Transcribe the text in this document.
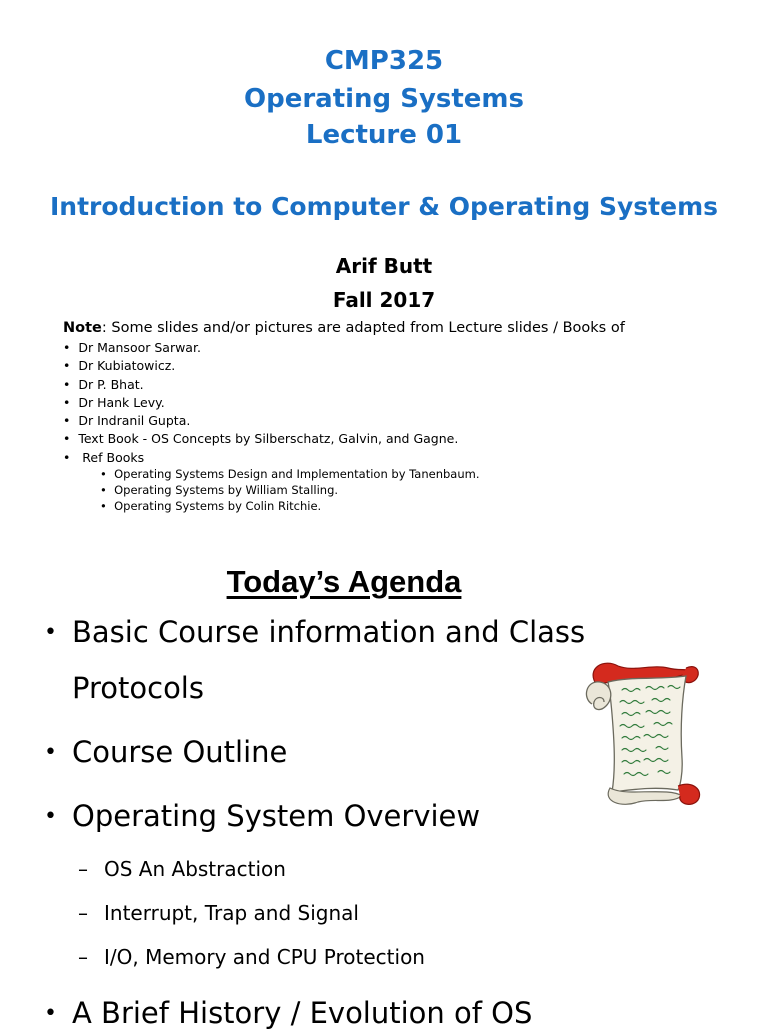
CMP325
Operating Systems
Lecture 01
Introduction to Computer & Operating Systems
Arif Butt
Fall 2017
Note: Some slides and/or pictures are adapted from Lecture slides / Books of
•  Dr Mansoor Sarwar.
•  Dr Kubiatowicz.
•  Dr P. Bhat.
•  Dr Hank Levy.
•  Dr Indranil Gupta.
•  Text Book - OS Concepts by Silberschatz, Galvin, and Gagne.
•   Ref Books
•  Operating Systems Design and Implementation by Tanenbaum.
•  Operating Systems by William Stalling.
•  Operating Systems by Colin Ritchie.
Today’s Agenda
• Basic Course information and Class
Protocols
• Course Outline
• Operating System Overview
– OS An Abstraction
– Interrupt, Trap and Signal
– I/O, Memory and CPU Protection
• A Brief History / Evolution of OS
